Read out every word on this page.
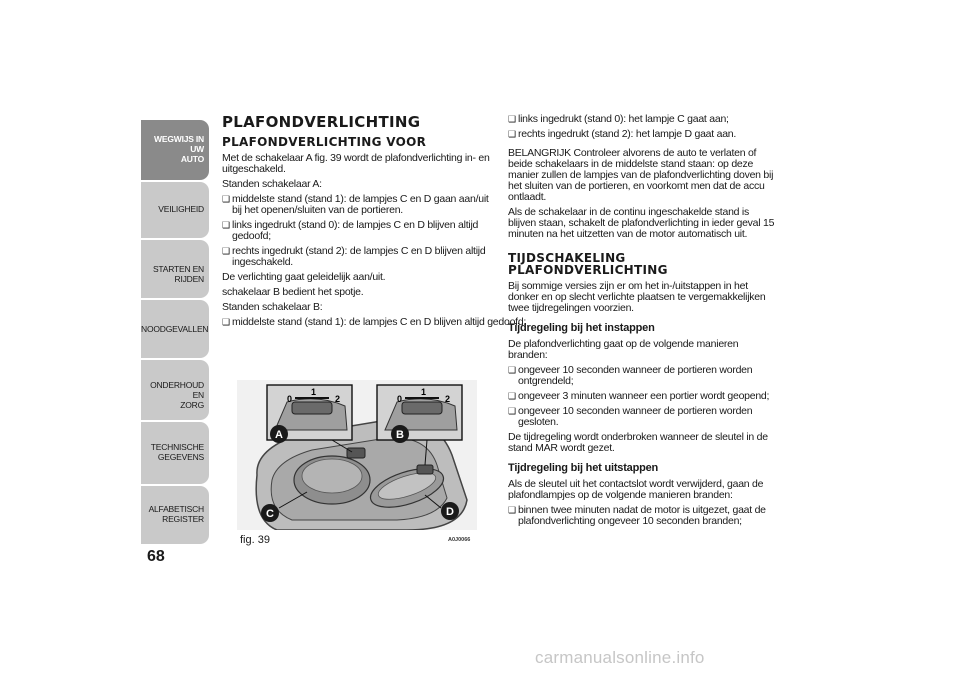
WEGWIJS IN UW
AUTO
VEILIGHEID
STARTEN EN RIJDEN
NOODGEVALLEN
ONDERHOUD EN
ZORG
TECHNISCHE
GEGEVENS
ALFABETISCH
REGISTER
68
PLAFONDVERLICHTING
PLAFONDVERLICHTING VOOR

Met de schakelaar A fig. 39 wordt de plafondverlichting in- en uitgeschakeld.

Standen schakelaar A:

❑ middelste stand (stand 1): de lampjes C en D gaan aan/uit bij het openen/sluiten van de portieren.

❑ links ingedrukt (stand 0): de lampjes C en D blijven altijd gedoofd;

❑ rechts ingedrukt (stand 2): de lampjes C en D blijven altijd ingeschakeld.

De verlichting gaat geleidelijk aan/uit.

schakelaar B bedient het spotje.

Standen schakelaar B:

❑ middelste stand (stand 1): de lampjes C en D blijven altijd gedoofd;

0
1
2	0
1
2
A	B
C	D
fig. 39	A0J0066

❑ links ingedrukt (stand 0): het lampje C gaat aan;

❑ rechts ingedrukt (stand 2): het lampje D gaat aan.

BELANGRIJK Controleer alvorens de auto te verlaten of beide schakelaars in de middelste stand staan: op deze manier zullen de lampjes van de plafondverlichting doven bij het sluiten van de portieren, en voorkomt men dat de accu ontlaadt.

Als de schakelaar in de continu ingeschakelde stand is blijven staan, schakelt de plafondverlichting in ieder geval 15 minuten na het uitzetten van de motor automatisch uit.

TIJDSCHAKELING
PLAFONDVERLICHTING

Bij sommige versies zijn er om het in-/uitstappen in het donker en op slecht verlichte plaatsen te vergemakkelijken twee tijdregelingen voorzien.

Tijdregeling bij het instappen

De plafondverlichting gaat op de volgende manieren branden:

❑ ongeveer 10 seconden wanneer de portieren worden ontgrendeld;

❑ ongeveer 3 minuten wanneer een portier wordt geopend;

❑ ongeveer 10 seconden wanneer de portieren worden gesloten.

De tijdregeling wordt onderbroken wanneer de sleutel in de stand MAR wordt gezet.

Tijdregeling bij het uitstappen

Als de sleutel uit het contactslot wordt verwijderd, gaan de plafondlampjes op de volgende manieren branden:

❑ binnen twee minuten nadat de motor is uitgezet, gaat de plafondverlichting ongeveer 10 seconden branden;

carmanualsonline.info
